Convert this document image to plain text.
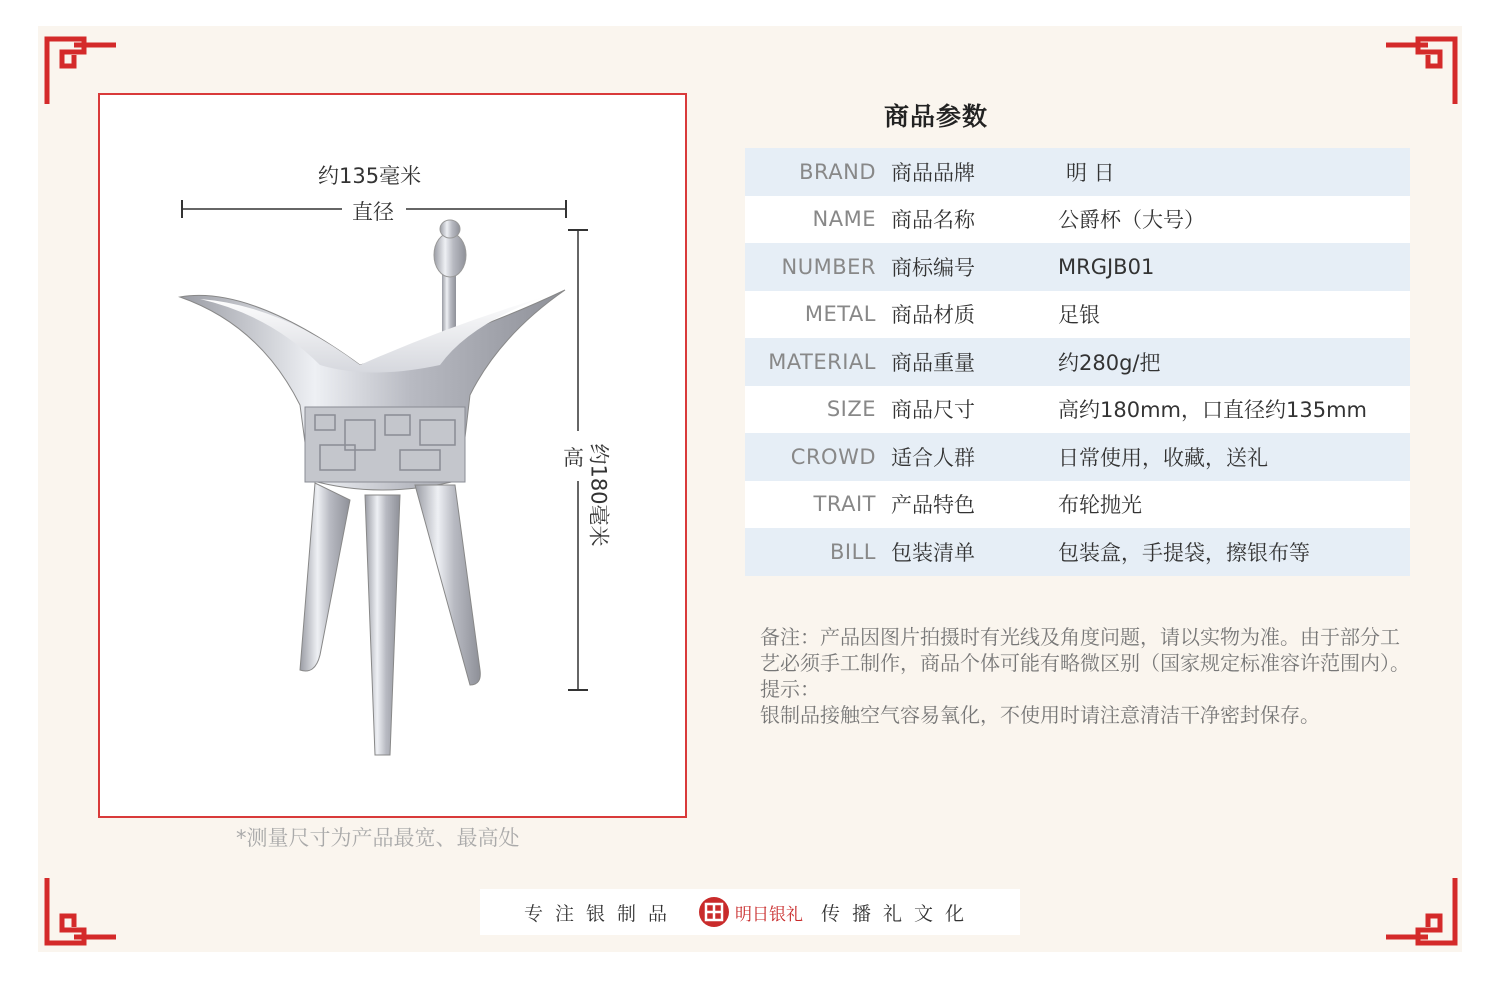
约135毫米
直径
高 约180毫米
*测量尺寸为产品最宽、最高处
商品参数
BRAND 商品品牌	明 日
NAME 商品名称	公爵杯（大号）
NUMBER 商标编号	MRGJB01
METAL 商品材质	足银
MATERIAL 商品重量	约280g/把
SIZE 商品尺寸	高约180mm，口直径约135mm
CROWD 适合人群	日常使用，收藏，送礼
TRAIT 产品特色	布轮抛光
BILL 包装清单	包装盒，手提袋，擦银布等
备注：产品因图片拍摄时有光线及角度问题，请以实物为准。由于部分工艺必须手工制作，商品个体可能有略微区别（国家规定标准容许范围内）。
提示：
银制品接触空气容易氧化，不使用时请注意清洁干净密封保存。
专注银制品	明日银礼 传播礼文化
